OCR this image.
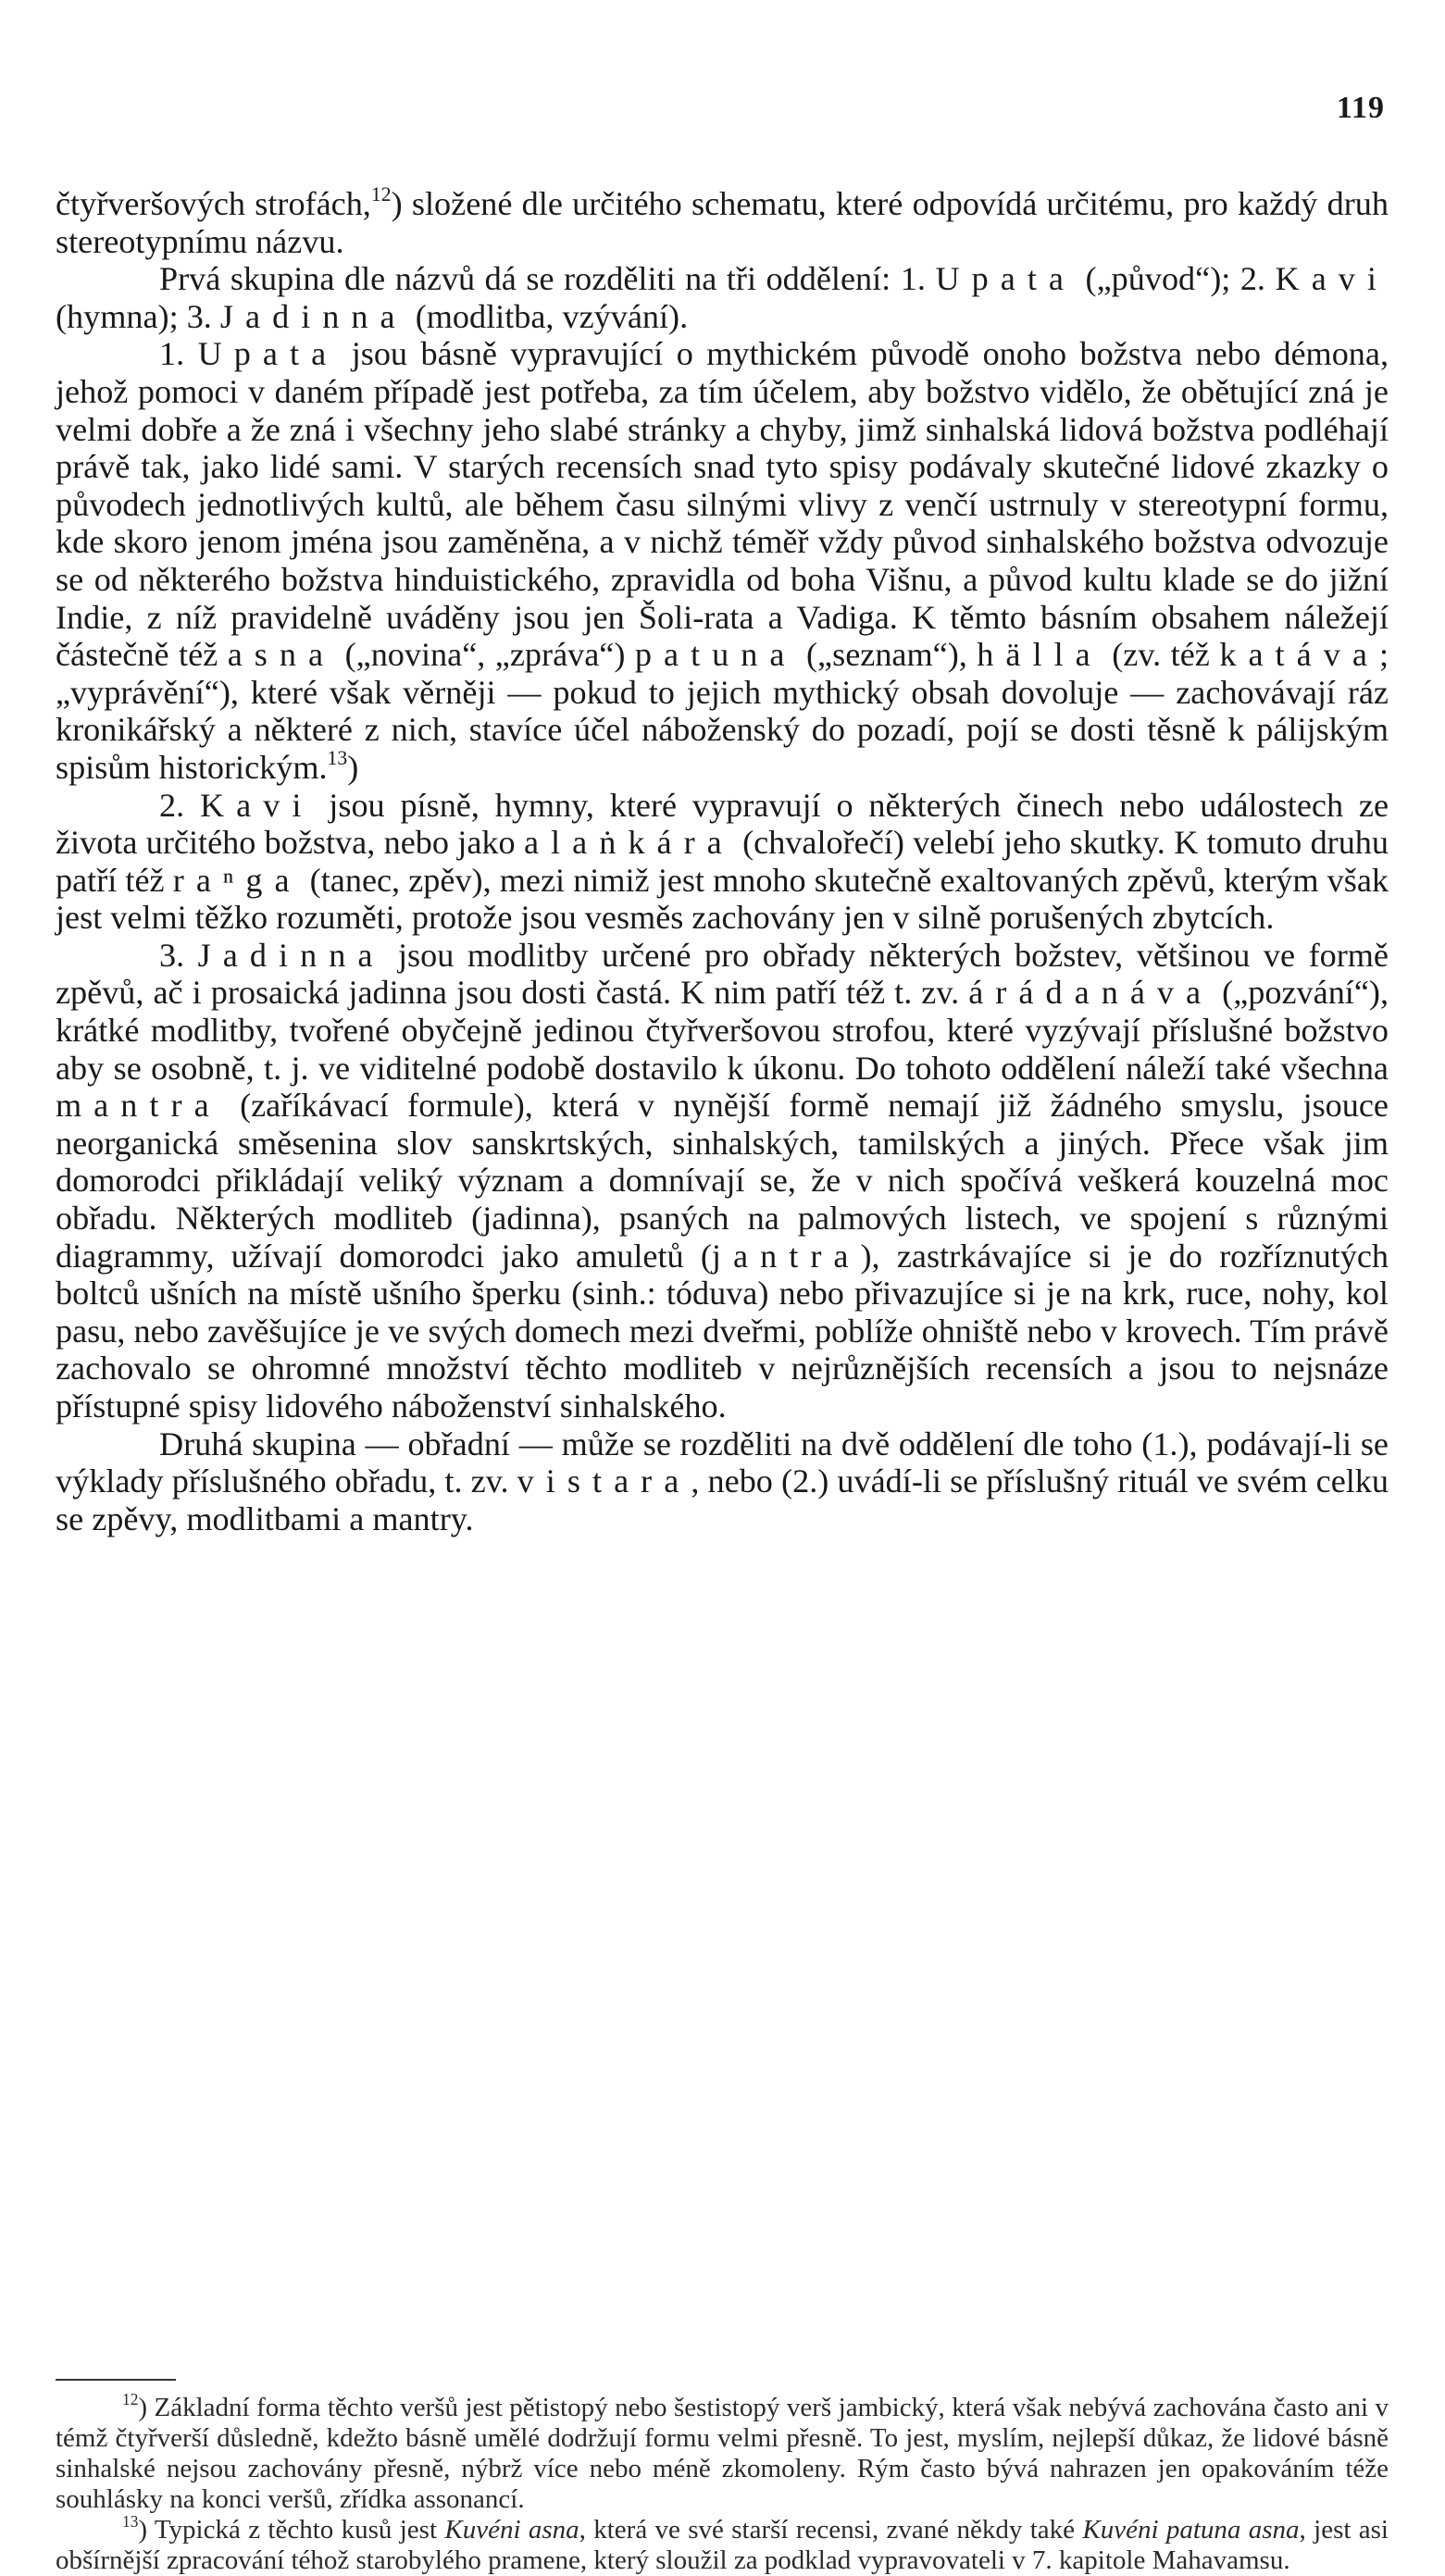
119

čtyřveršových strofách,$^{12}$) složené dle určitého schematu, které odpovídá určitému, pro každý druh stereotypnímu názvu.

Prvá skupina dle názvů dá se rozděliti na tři oddělení: 1. Upata („původ“); 2. Kavi (hymna); 3. Jadinna (modlitba, vzývání).

1. Upata jsou básně vypravující o mythickém původě onoho božstva nebo démona, jehož pomoci v daném případě jest potřeba, za tím účelem, aby božstvo vidělo, že obětující zná je velmi dobře a že zná i všechny jeho slabé stránky a chyby, jimž sinhalská lidová božstva podléhají právě tak, jako lidé sami. V starých recensích snad tyto spisy podávaly skutečné lidové zkazky o původech jednotlivých kultů, ale během času silnými vlivy z venčí ustrnuly v stereotypní formu, kde skoro jenom jména jsou zaměněna, a v nichž téměř vždy původ sinhalského božstva odvozuje se od některého božstva hinduistického, zpravidla od boha Višnu, a původ kultu klade se do jižní Indie, z níž pravidelně uváděny jsou jen Šoli-rata a Vadiga. K těmto básním obsahem náležejí částečně též asna („novina“, „zpráva“) patuna („seznam“), hälla (zv. též katáva; „vyprávění“), které však věrněji — pokud to jejich mythický obsah dovoluje — zachovávají ráz kronikářský a některé z nich, stavíce účel náboženský do pozadí, pojí se dosti těsně k pálijským spisům historickým.$^{13}$)

2. Kavi jsou písně, hymny, které vypravují o některých činech nebo událostech ze života určitého božstva, nebo jako alaṅkára (chvalořečí) velebí jeho skutky. K tomuto druhu patří též raⁿga (tanec, zpěv), mezi nimiž jest mnoho skutečně exaltovaných zpěvů, kterým však jest velmi těžko rozuměti, protože jsou vesměs zachovány jen v silně porušených zbytcích.

3. Jadinna jsou modlitby určené pro obřady některých božstev, většinou ve formě zpěvů, ač i prosaická jadinna jsou dosti častá. K nim patří též t. zv. árádanáva („pozvání“), krátké modlitby, tvořené obyčejně jedinou čtyřveršovou strofou, které vyzývají příslušné božstvo aby se osobně, t. j. ve viditelné podobě dostavilo k úkonu. Do tohoto oddělení náleží také všechna mantra (zaříkávací formule), která v nynější formě nemají již žádného smyslu, jsouce neorganická směsenina slov sanskrtských, sinhalských, tamilských a jiných. Přece však jim domorodci přikládají veliký význam a domnívají se, že v nich spočívá veškerá kouzelná moc obřadu. Některých modliteb (jadinna), psaných na palmových listech, ve spojení s různými diagrammy, užívají domorodci jako amuletů (jantra), zastrkávajíce si je do rozříznutých boltců ušních na místě ušního šperku (sinh.: tóduva) nebo přivazujíce si je na krk, ruce, nohy, kol pasu, nebo zavěšujíce je ve svých domech mezi dveřmi, poblíže ohniště nebo v krovech. Tím právě zachovalo se ohromné množství těchto modliteb v nejrůznějších recensích a jsou to nejsnáze přístupné spisy lidového náboženství sinhalského.

Druhá skupina — obřadní — může se rozděliti na dvě oddělení dle toho (1.), podávají-li se výklady příslušného obřadu, t. zv. vistara, nebo (2.) uvádí-li se příslušný rituál ve svém celku se zpěvy, modlitbami a mantry.

$^{12}$) Základní forma těchto veršů jest pětistopý nebo šestistopý verš jambický, která však nebývá zachována často ani v témž čtyřverší důsledně, kdežto básně umělé dodržují formu velmi přesně. To jest, myslím, nejlepší důkaz, že lidové básně sinhalské nejsou zachovány přesně, nýbrž více nebo méně zkomoleny. Rým často bývá nahrazen jen opakováním téže souhlásky na konci veršů, zřídka assonancí.

$^{13}$) Typická z těchto kusů jest Kuvéni asna, která ve své starší recensi, zvané někdy také Kuvéni patuna asna, jest asi obšírnější zpracování téhož starobylého pramene, který sloužil za podklad vypravovateli v 7. kapitole Mahavamsu.
